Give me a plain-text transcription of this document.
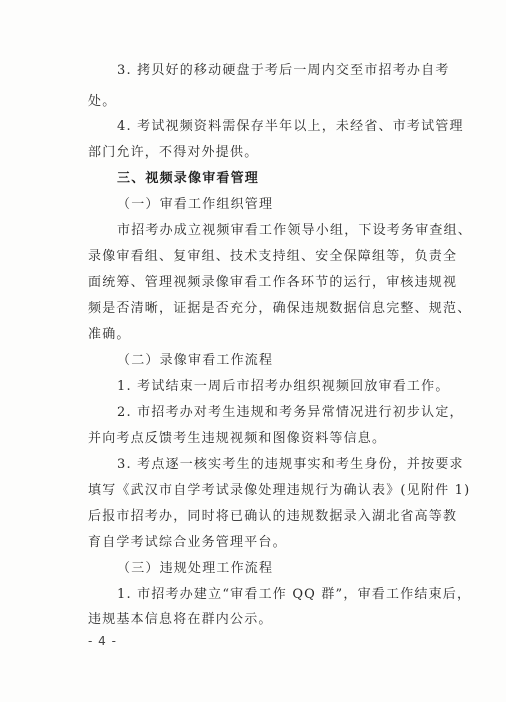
3. 拷贝好的移动硬盘于考后一周内交至市招考办自考
处。
4. 考试视频资料需保存半年以上，未经省、市考试管理
部门允许，不得对外提供。
三、视频录像审看管理
（一）审看工作组织管理
市招考办成立视频审看工作领导小组，下设考务审查组、
录像审看组、复审组、技术支持组、安全保障组等，负责全
面统筹、管理视频录像审看工作各环节的运行，审核违规视
频是否清晰，证据是否充分，确保违规数据信息完整、规范、
准确。
（二）录像审看工作流程
1. 考试结束一周后市招考办组织视频回放审看工作。
2. 市招考办对考生违规和考务异常情况进行初步认定，
并向考点反馈考生违规视频和图像资料等信息。
3. 考点逐一核实考生的违规事实和考生身份，并按要求
填写《武汉市自学考试录像处理违规行为确认表》(见附件 1)
后报市招考办，同时将已确认的违规数据录入湖北省高等教
育自学考试综合业务管理平台。
（三）违规处理工作流程
1. 市招考办建立“审看工作 QQ 群”，审看工作结束后，
违规基本信息将在群内公示。
- 4 -
